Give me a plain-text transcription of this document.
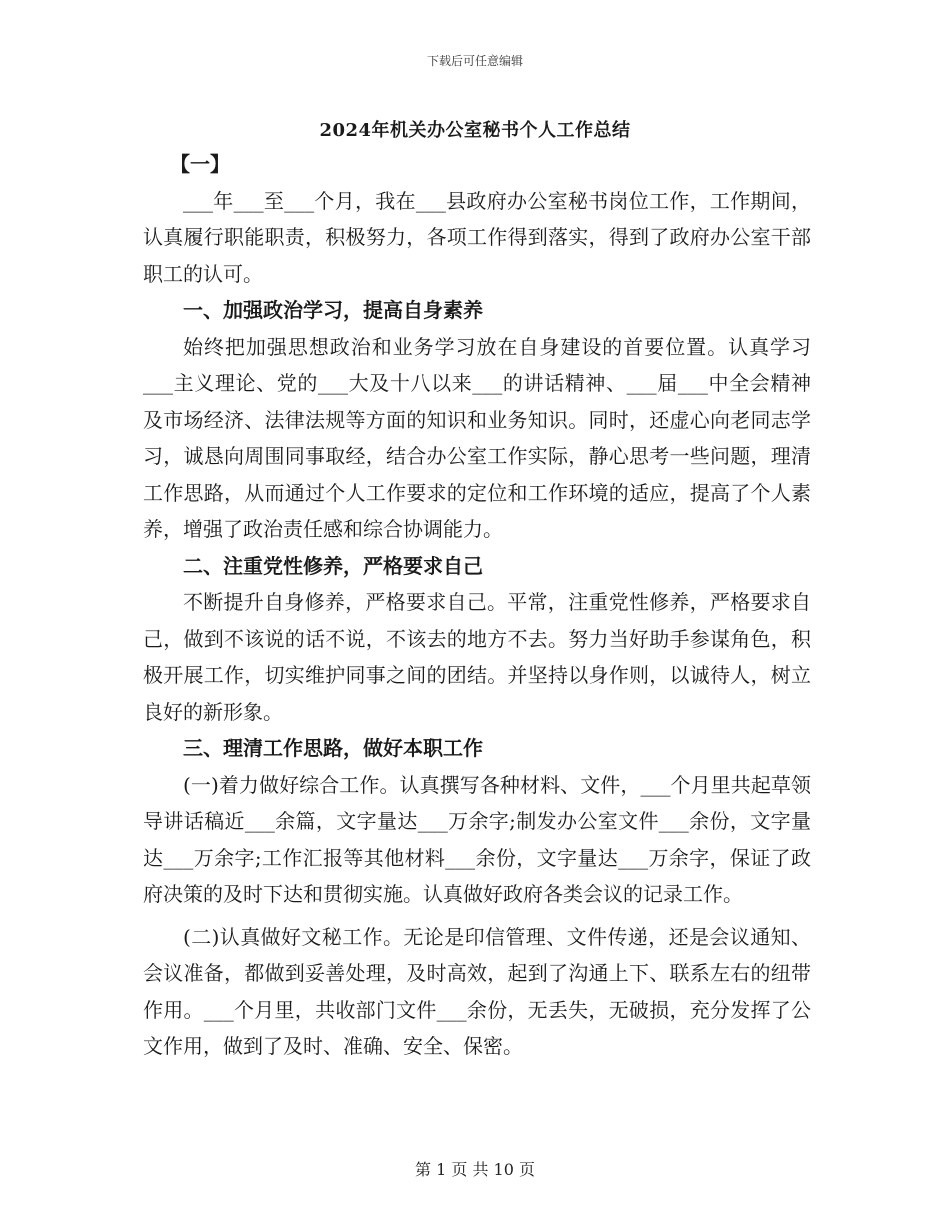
下载后可任意编辑
2024年机关办公室秘书个人工作总结

【一】

___年___至___个月，我在___县政府办公室秘书岗位工作，工作期间，认真履行职能职责，积极努力，各项工作得到落实，得到了政府办公室干部职工的认可。

一、加强政治学习，提高自身素养

始终把加强思想政治和业务学习放在自身建设的首要位置。认真学习___主义理论、党的___大及十八以来___的讲话精神、___届___中全会精神及市场经济、法律法规等方面的知识和业务知识。同时，还虚心向老同志学习，诚恳向周围同事取经，结合办公室工作实际，静心思考一些问题，理清工作思路，从而通过个人工作要求的定位和工作环境的适应，提高了个人素养，增强了政治责任感和综合协调能力。

二、注重党性修养，严格要求自己

不断提升自身修养，严格要求自己。平常，注重党性修养，严格要求自己，做到不该说的话不说，不该去的地方不去。努力当好助手参谋角色，积极开展工作，切实维护同事之间的团结。并坚持以身作则，以诚待人，树立良好的新形象。

三、理清工作思路，做好本职工作

(一)着力做好综合工作。认真撰写各种材料、文件，___个月里共起草领导讲话稿近___余篇，文字量达___万余字;制发办公室文件___余份，文字量达___万余字;工作汇报等其他材料___余份，文字量达___万余字，保证了政府决策的及时下达和贯彻实施。认真做好政府各类会议的记录工作。

(二)认真做好文秘工作。无论是印信管理、文件传递，还是会议通知、会议准备，都做到妥善处理，及时高效，起到了沟通上下、联系左右的纽带作用。___个月里，共收部门文件___余份，无丢失，无破损，充分发挥了公文作用，做到了及时、准确、安全、保密。

第 1 页 共 10 页
